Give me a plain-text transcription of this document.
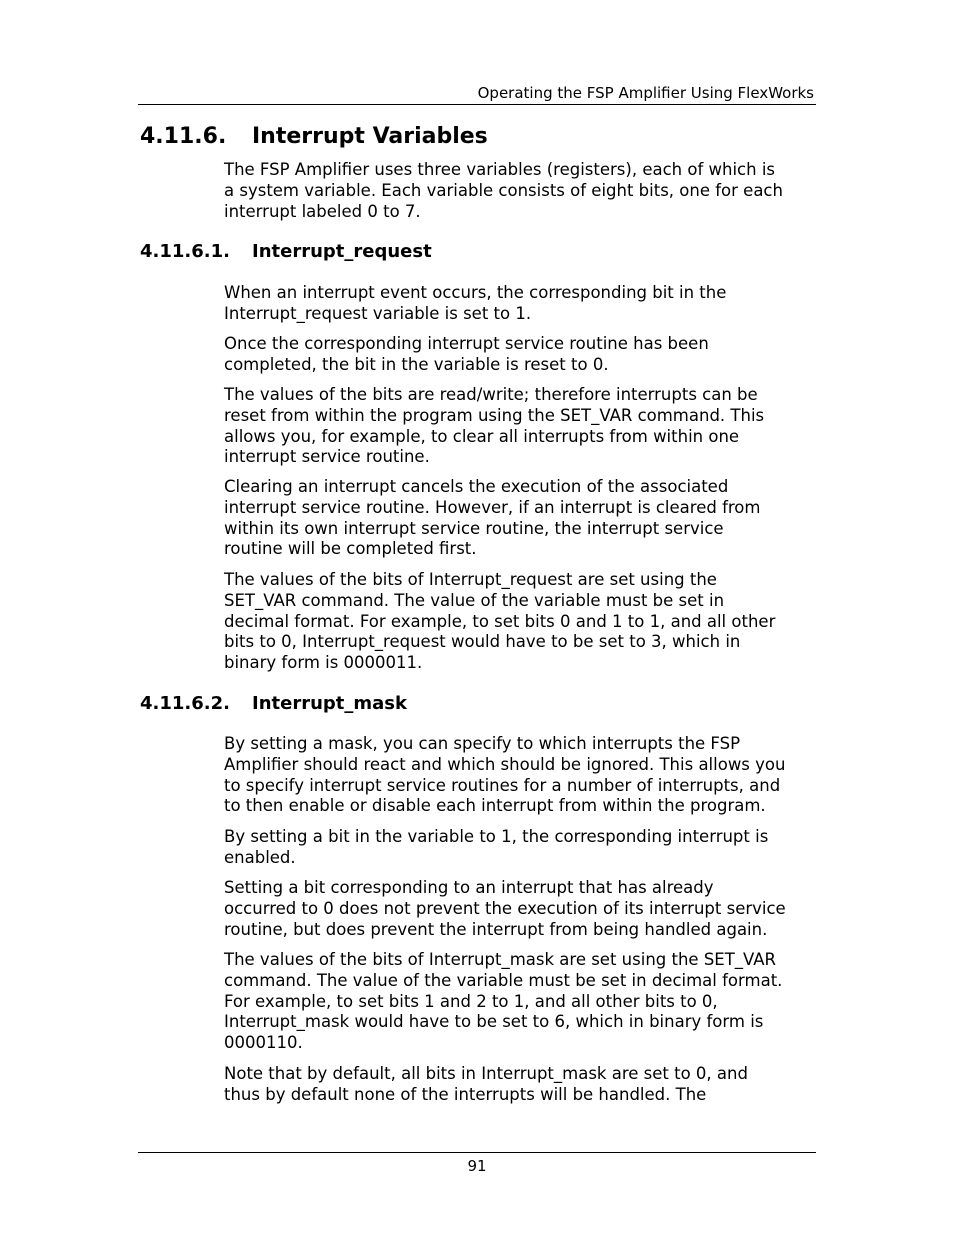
Operating the FSP Amplifier Using FlexWorks
4.11.6. Interrupt Variables

The FSP Amplifier uses three variables (registers), each of which is
a system variable. Each variable consists of eight bits, one for each
interrupt labeled 0 to 7.

4.11.6.1. Interrupt_request

When an interrupt event occurs, the corresponding bit in the
Interrupt_request variable is set to 1.

Once the corresponding interrupt service routine has been
completed, the bit in the variable is reset to 0.

The values of the bits are read/write; therefore interrupts can be
reset from within the program using the SET_VAR command. This
allows you, for example, to clear all interrupts from within one
interrupt service routine.

Clearing an interrupt cancels the execution of the associated
interrupt service routine. However, if an interrupt is cleared from
within its own interrupt service routine, the interrupt service
routine will be completed first.

The values of the bits of Interrupt_request are set using the
SET_VAR command. The value of the variable must be set in
decimal format. For example, to set bits 0 and 1 to 1, and all other
bits to 0, Interrupt_request would have to be set to 3, which in
binary form is 0000011.

4.11.6.2. Interrupt_mask

By setting a mask, you can specify to which interrupts the FSP
Amplifier should react and which should be ignored. This allows you
to specify interrupt service routines for a number of interrupts, and
to then enable or disable each interrupt from within the program.

By setting a bit in the variable to 1, the corresponding interrupt is
enabled.

Setting a bit corresponding to an interrupt that has already
occurred to 0 does not prevent the execution of its interrupt service
routine, but does prevent the interrupt from being handled again.

The values of the bits of Interrupt_mask are set using the SET_VAR
command. The value of the variable must be set in decimal format.
For example, to set bits 1 and 2 to 1, and all other bits to 0,
Interrupt_mask would have to be set to 6, which in binary form is
0000110.

Note that by default, all bits in Interrupt_mask are set to 0, and
thus by default none of the interrupts will be handled. The

91
